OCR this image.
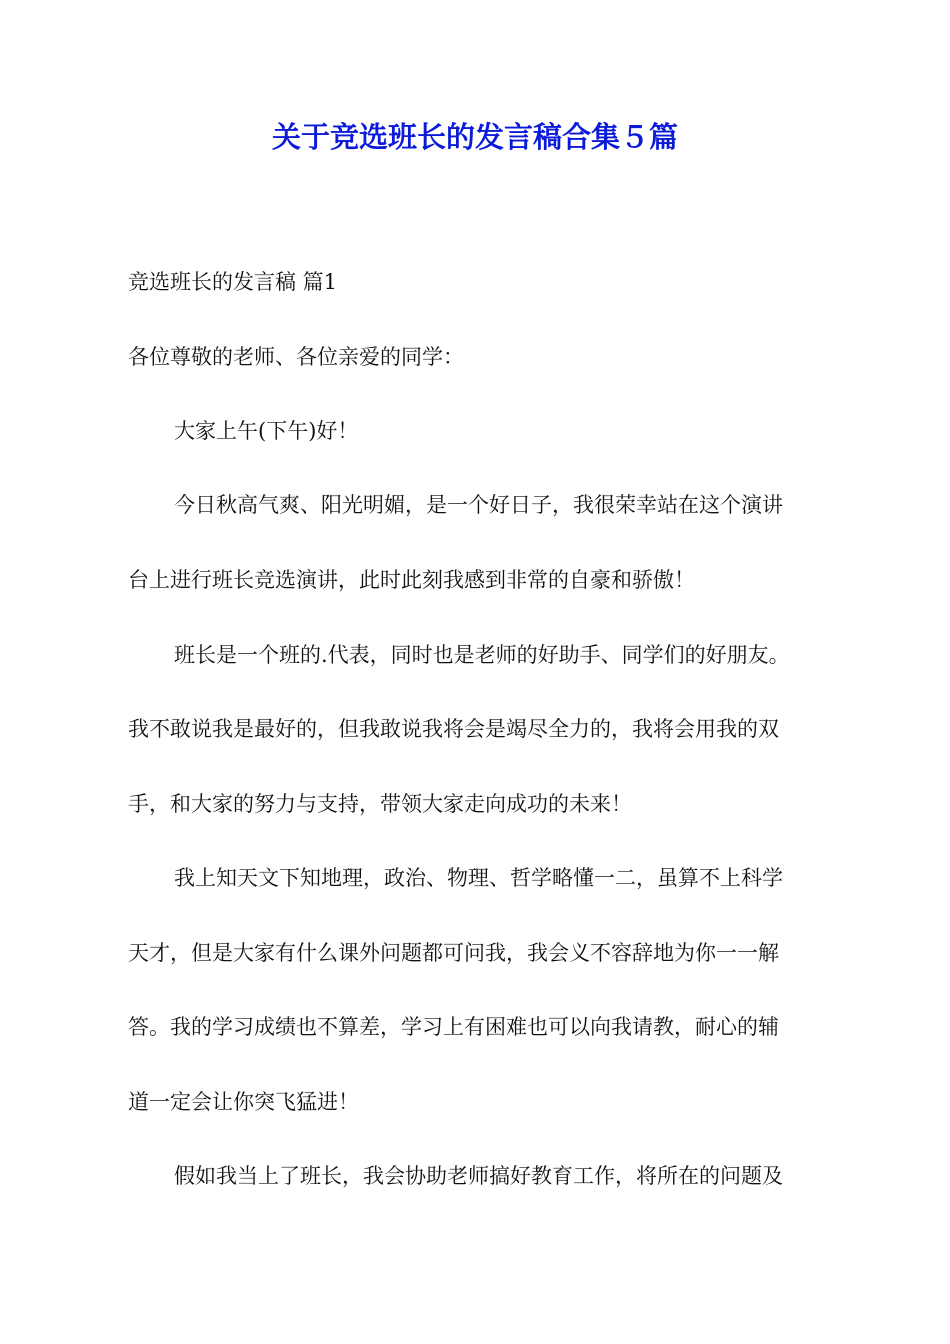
关于竞选班长的发言稿合集５篇
竞选班长的发言稿 篇1
各位尊敬的老师、各位亲爱的同学：
大家上午(下午)好！
今日秋高气爽、阳光明媚，是一个好日子，我很荣幸站在这个演讲
台上进行班长竞选演讲，此时此刻我感到非常的自豪和骄傲！
班长是一个班的.代表，同时也是老师的好助手、同学们的好朋友。
我不敢说我是最好的，但我敢说我将会是竭尽全力的，我将会用我的双
手，和大家的努力与支持，带领大家走向成功的未来！
我上知天文下知地理，政治、物理、哲学略懂一二，虽算不上科学
天才，但是大家有什么课外问题都可问我，我会义不容辞地为你一一解
答。我的学习成绩也不算差，学习上有困难也可以向我请教，耐心的辅
道一定会让你突飞猛进！
假如我当上了班长，我会协助老师搞好教育工作，将所在的问题及
